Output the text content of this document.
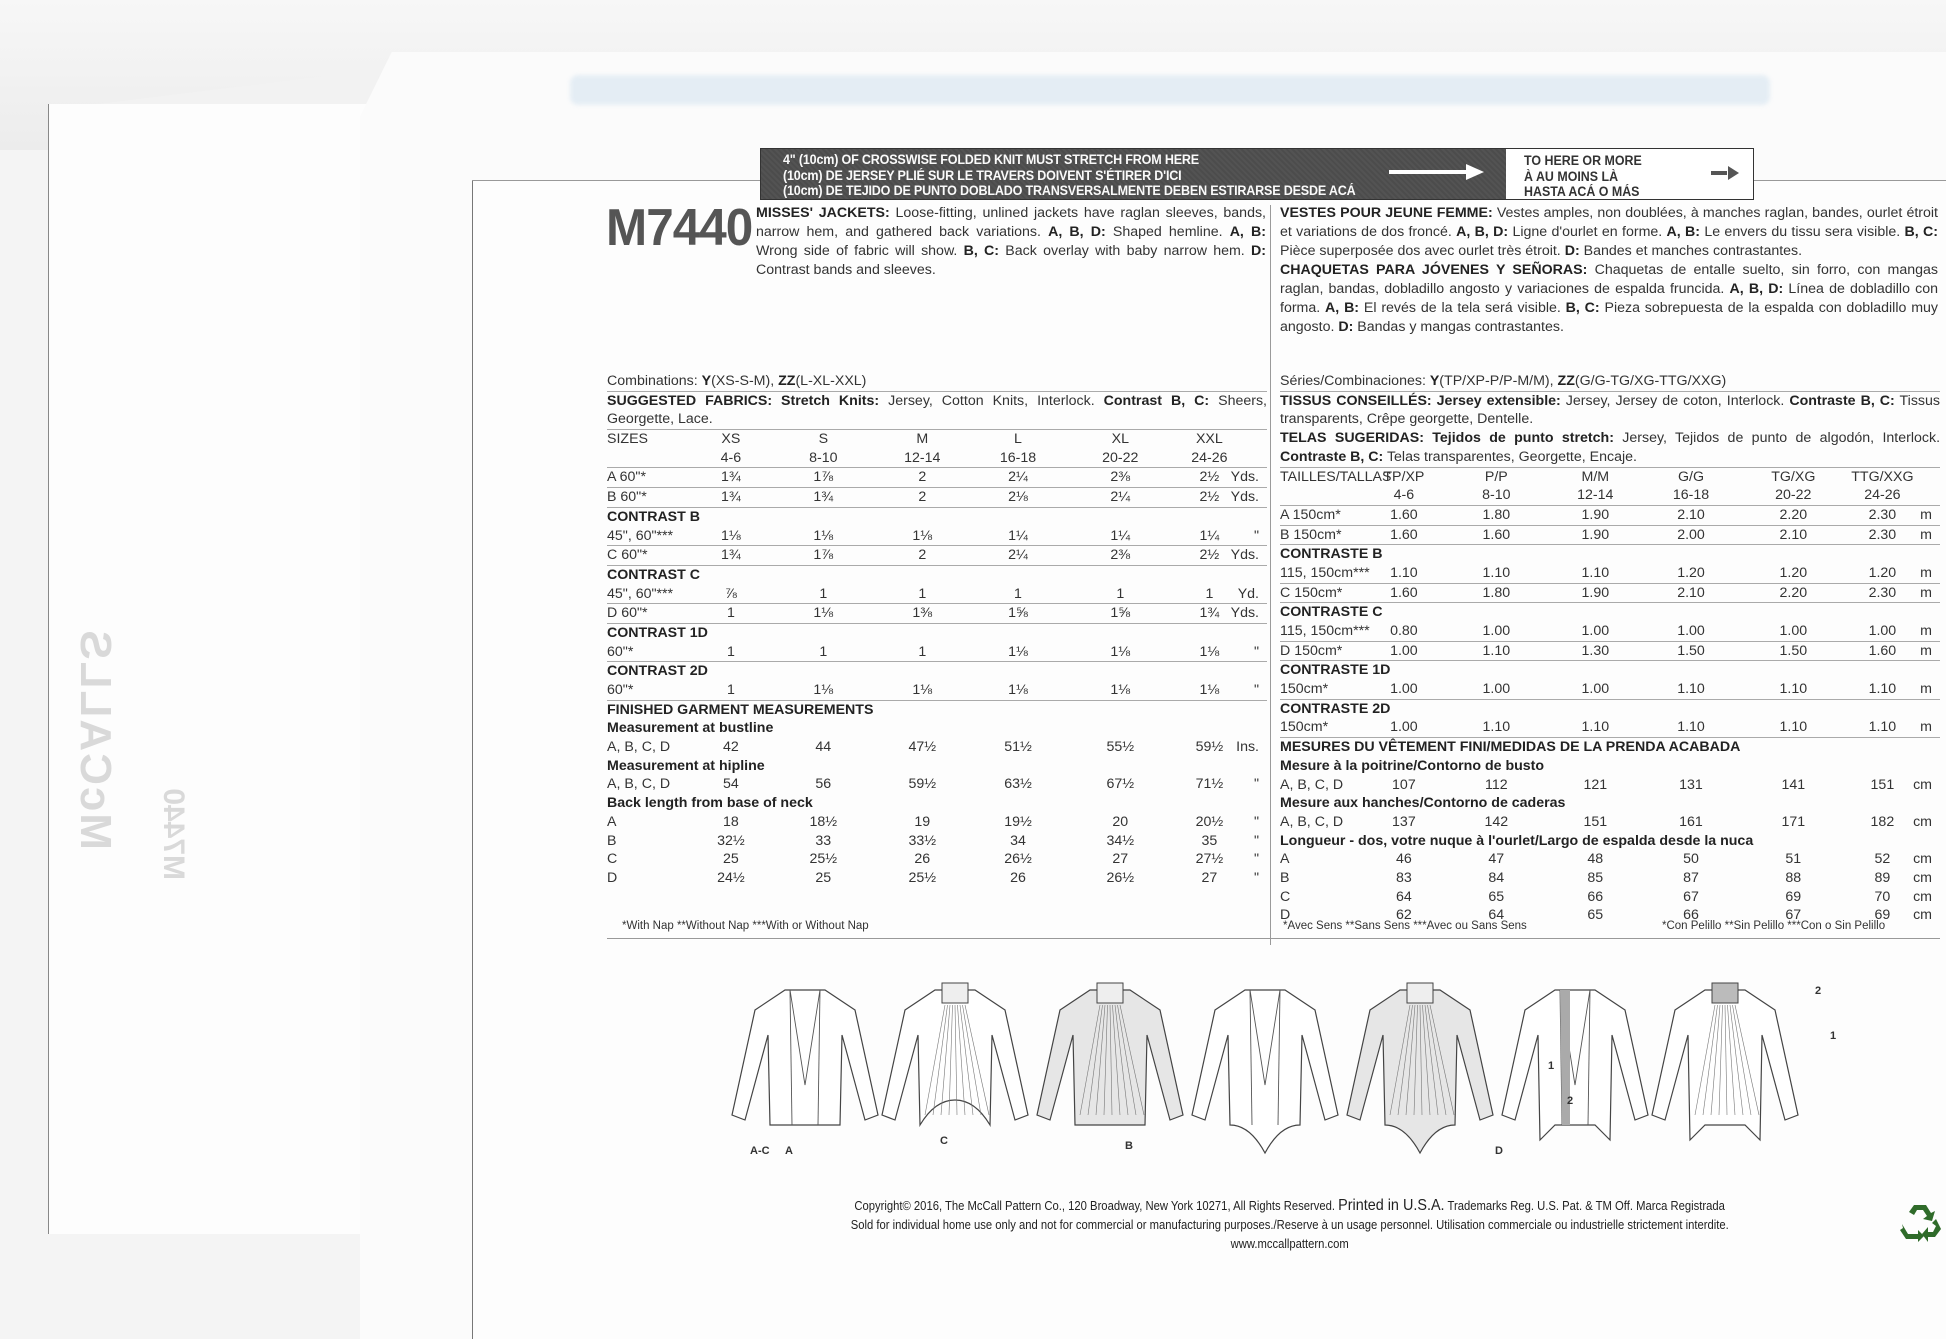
McCALLS M7440
4" (10cm) OF CROSSWISE FOLDED KNIT MUST STRETCH FROM HERE
(10cm) DE JERSEY PLIÉ SUR LE TRAVERS DOIVENT S'ÉTIRER D'ICI
(10cm) DE TEJIDO DE PUNTO DOBLADO TRANSVERSALMENTE DEBEN ESTIRARSE DESDE ACÁ
TO HERE OR MORE
À AU MOINS LÀ
HASTA ACÁ O MÁS
M7440 MISSES' JACKETS: Loose-fitting, unlined jackets have raglan sleeves, bands, narrow hem, and gathered back variations. A, B, D: Shaped hemline. A, B: Wrong side of fabric will show. B, C: Back overlay with baby narrow hem. D: Contrast bands and sleeves.
VESTES POUR JEUNE FEMME: Vestes amples, non doublées, à manches raglan, bandes, ourlet étroit et variations de dos froncé. A, B, D: Ligne d'ourlet en forme. A, B: Le envers du tissu sera visible. B, C: Pièce superposée dos avec ourlet très étroit. D: Bandes et manches contrastantes.
CHAQUETAS PARA JÓVENES Y SEÑORAS: Chaquetas de entalle suelto, sin forro, con mangas raglan, bandas, dobladillo angosto y variaciones de espalda fruncida. A, B, D: Línea de dobladillo con forma. A, B: El revés de la tela será visible. B, C: Pieza sobrepuesta de la espalda con dobladillo muy angosto. D: Bandas y mangas contrastantes.
Combinations: Y(XS-S-M), ZZ(L-XL-XXL)
SUGGESTED FABRICS: Stretch Knits: Jersey, Cotton Knits, Interlock. Contrast B, C: Sheers, Georgette, Lace.
SIZES	XS	S	M	L	XL	XXL
4-6	8-10	12-14	16-18	20-22	24-26
A 60"*	1¾	1⅞	2	2¼	2⅜	2½ Yds.
B 60"*	1¾	1¾	2	2⅛	2¼	2½ Yds.
CONTRAST B
45", 60"***	1⅛	1⅛	1⅛	1¼	1¼	1¼	"
C 60"*	1¾	1⅞	2	2¼	2⅜	2½ Yds.
CONTRAST C
45", 60"***	⅞	1	1	1	1	1	Yd.
D 60"*	1	1⅛	1⅜	1⅝	1⅝	1¾ Yds.
CONTRAST 1D
60"*	1	1	1	1⅛	1⅛	1⅛	"
CONTRAST 2D
60"*	1	1⅛	1⅛	1⅛	1⅛	1⅛	"
FINISHED GARMENT MEASUREMENTS
Measurement at bustline
A, B, C, D	42	44	47½	51½	55½	59½ Ins.
Measurement at hipline
A, B, C, D	54	56	59½	63½	67½	71½	"
Back length from base of neck
A	18	18½	19	19½	20	20½	"
B	32½	33	33½	34	34½	35	"
C	25	25½	26	26½	27	27½	"
D	24½	25	25½	26	26½	27	"
*With Nap **Without Nap ***With or Without Nap
Séries/Combinaciones: Y(TP/XP-P/P-M/M), ZZ(G/G-TG/XG-TTG/XXG)
TISSUS CONSEILLÉS: Jersey extensible: Jersey, Jersey de coton, Interlock. Contraste B, C: Tissus transparents, Crêpe georgette, Dentelle.
TELAS SUGERIDAS: Tejidos de punto stretch: Jersey, Tejidos de punto de algodón, Interlock. Contraste B, C: Telas transparentes, Georgette, Encaje.
TAILLES/TALLAS
TP/XP	P/P	M/M	G/G	TG/XG	TTG/XXG
4-6	8-10	12-14	16-18	20-22	24-26
A 150cm*	1.60	1.80	1.90	2.10	2.20	2.30	m
B 150cm*	1.60	1.60	1.90	2.00	2.10	2.30	m
CONTRASTE B
115, 150cm***	1.10	1.10	1.10	1.20	1.20	1.20	m
C 150cm*	1.60	1.80	1.90	2.10	2.20	2.30	m
CONTRASTE C
115, 150cm***	0.80	1.00	1.00	1.00	1.00	1.00	m
D 150cm*	1.00	1.10	1.30	1.50	1.50	1.60	m
CONTRASTE 1D
150cm*	1.00	1.00	1.00	1.10	1.10	1.10	m
CONTRASTE 2D
150cm*	1.00	1.10	1.10	1.10	1.10	1.10	m
MESURES DU VÊTEMENT FINI/MEDIDAS DE LA PRENDA ACABADA
Mesure à la poitrine/Contorno de busto
A, B, C, D	107	112	121	131	141	151	cm
Mesure aux hanches/Contorno de caderas
A, B, C, D	137	142	151	161	171	182	cm
Longueur - dos, votre nuque à l'ourlet/Largo de espalda desde la nuca
A	46	47	48	50	51	52	cm
B	83	84	85	87	88	89	cm
C	64	65	66	67	69	70	cm
D	62	64	65	66	67	69	cm
*Avec Sens **Sans Sens ***Avec ou Sans Sens	*Con Pelillo **Sin Pelillo ***Con o Sin Pelillo
A-C A
C	B	D
1
2
2
1
Copyright© 2016, The McCall Pattern Co., 120 Broadway, New York 10271, All Rights Reserved. Printed in U.S.A. Trademarks Reg. U.S. Pat. & TM Off. Marca Registrada
Sold for individual home use only and not for commercial or manufacturing purposes./Reserve à un usage personnel. Utilisation commerciale ou industrielle strictement interdite.
www.mccallpattern.com
